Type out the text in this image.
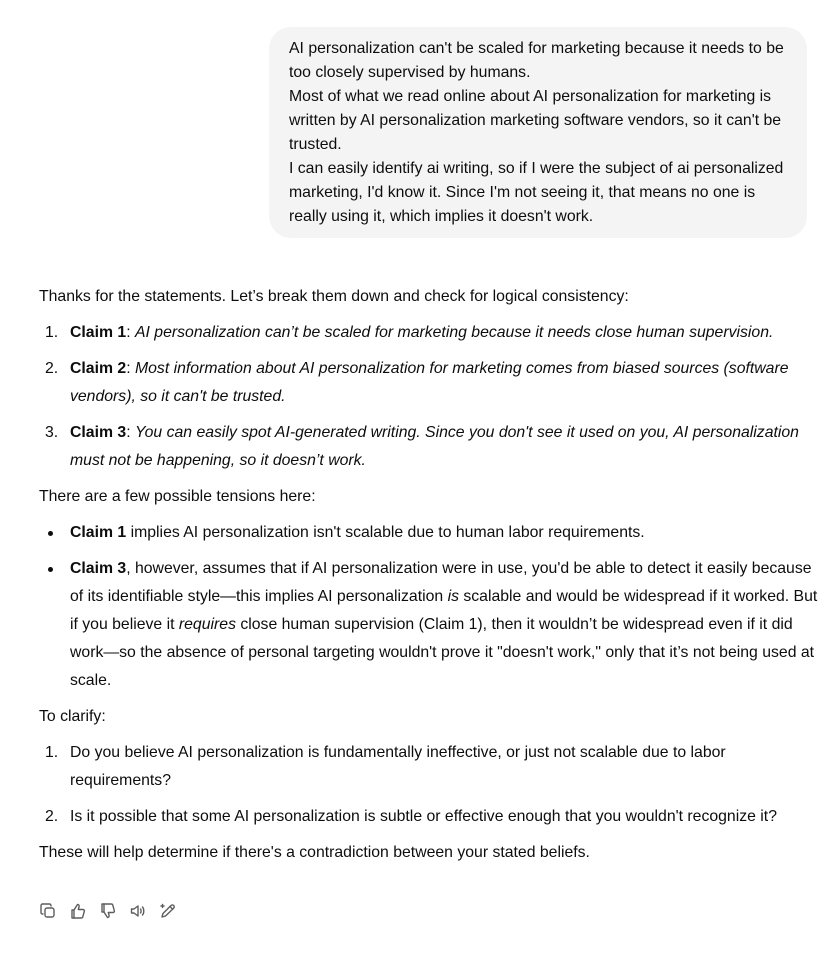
AI personalization can't be scaled for marketing because it needs to be too closely supervised by humans.

Most of what we read online about AI personalization for marketing is written by AI personalization marketing software vendors, so it can't be trusted.

I can easily identify ai writing, so if I were the subject of ai personalized marketing, I'd know it. Since I'm not seeing it, that means no one is really using it, which implies it doesn't work.

Thanks for the statements. Let’s break them down and check for logical consistency:

1. Claim 1: AI personalization can’t be scaled for marketing because it needs close human supervision.
2. Claim 2: Most information about AI personalization for marketing comes from biased sources (software vendors), so it can't be trusted.
3. Claim 3: You can easily spot AI-generated writing. Since you don't see it used on you, AI personalization must not be happening, so it doesn’t work.

There are a few possible tensions here:

Claim 1 implies AI personalization isn't scalable due to human labor requirements.
Claim 3, however, assumes that if AI personalization were in use, you'd be able to detect it easily because of its identifiable style—this implies AI personalization is scalable and would be widespread if it worked. But if you believe it requires close human supervision (Claim 1), then it wouldn’t be widespread even if it did work—so the absence of personal targeting wouldn't prove it "doesn't work," only that it’s not being used at scale.

To clarify:

1. Do you believe AI personalization is fundamentally ineffective, or just not scalable due to labor requirements?
2. Is it possible that some AI personalization is subtle or effective enough that you wouldn't recognize it?

These will help determine if there's a contradiction between your stated beliefs.
